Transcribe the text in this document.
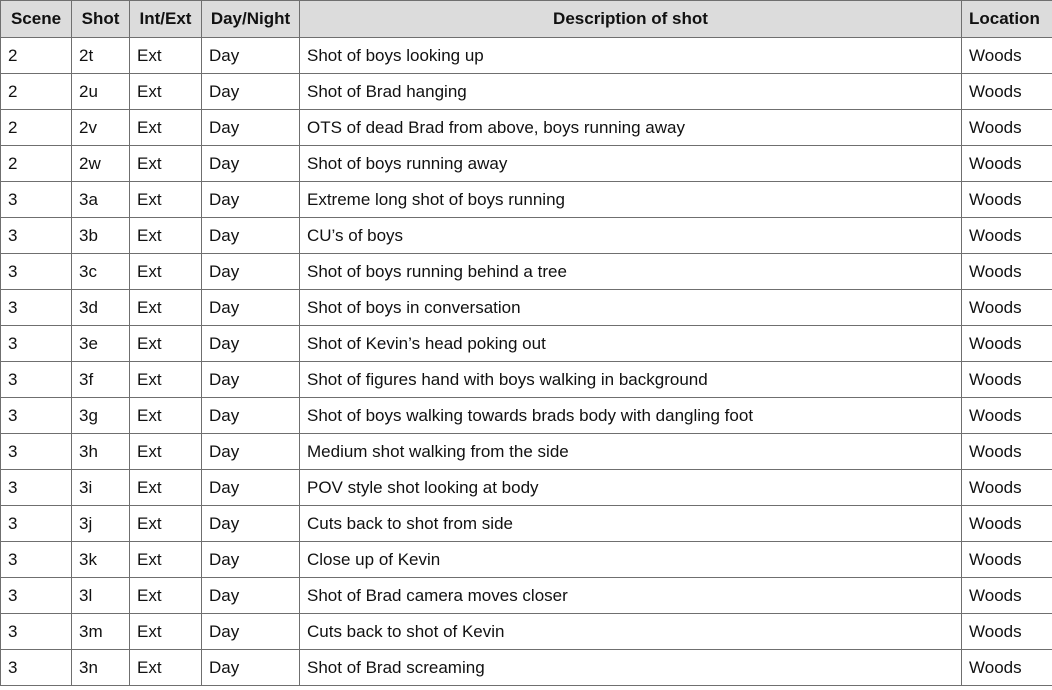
Scene	Shot	Int/Ext	Day/Night	Description of shot	Location
2	2t	Ext	Day	Shot of boys looking up	Woods
2	2u	Ext	Day	Shot of Brad hanging	Woods
2	2v	Ext	Day	OTS of dead Brad from above, boys running away	Woods
2	2w	Ext	Day	Shot of boys running away	Woods
3	3a	Ext	Day	Extreme long shot of boys running	Woods
3	3b	Ext	Day	CU’s of boys	Woods
3	3c	Ext	Day	Shot of boys running behind a tree	Woods
3	3d	Ext	Day	Shot of boys in conversation	Woods
3	3e	Ext	Day	Shot of Kevin’s head poking out	Woods
3	3f	Ext	Day	Shot of figures hand with boys walking in background	Woods
3	3g	Ext	Day	Shot of boys walking towards brads body with dangling foot	Woods
3	3h	Ext	Day	Medium shot walking from the side	Woods
3	3i	Ext	Day	POV style shot looking at body	Woods
3	3j	Ext	Day	Cuts back to shot from side	Woods
3	3k	Ext	Day	Close up of Kevin	Woods
3	3l	Ext	Day	Shot of Brad camera moves closer	Woods
3	3m	Ext	Day	Cuts back to shot of Kevin	Woods
3	3n	Ext	Day	Shot of Brad screaming	Woods
